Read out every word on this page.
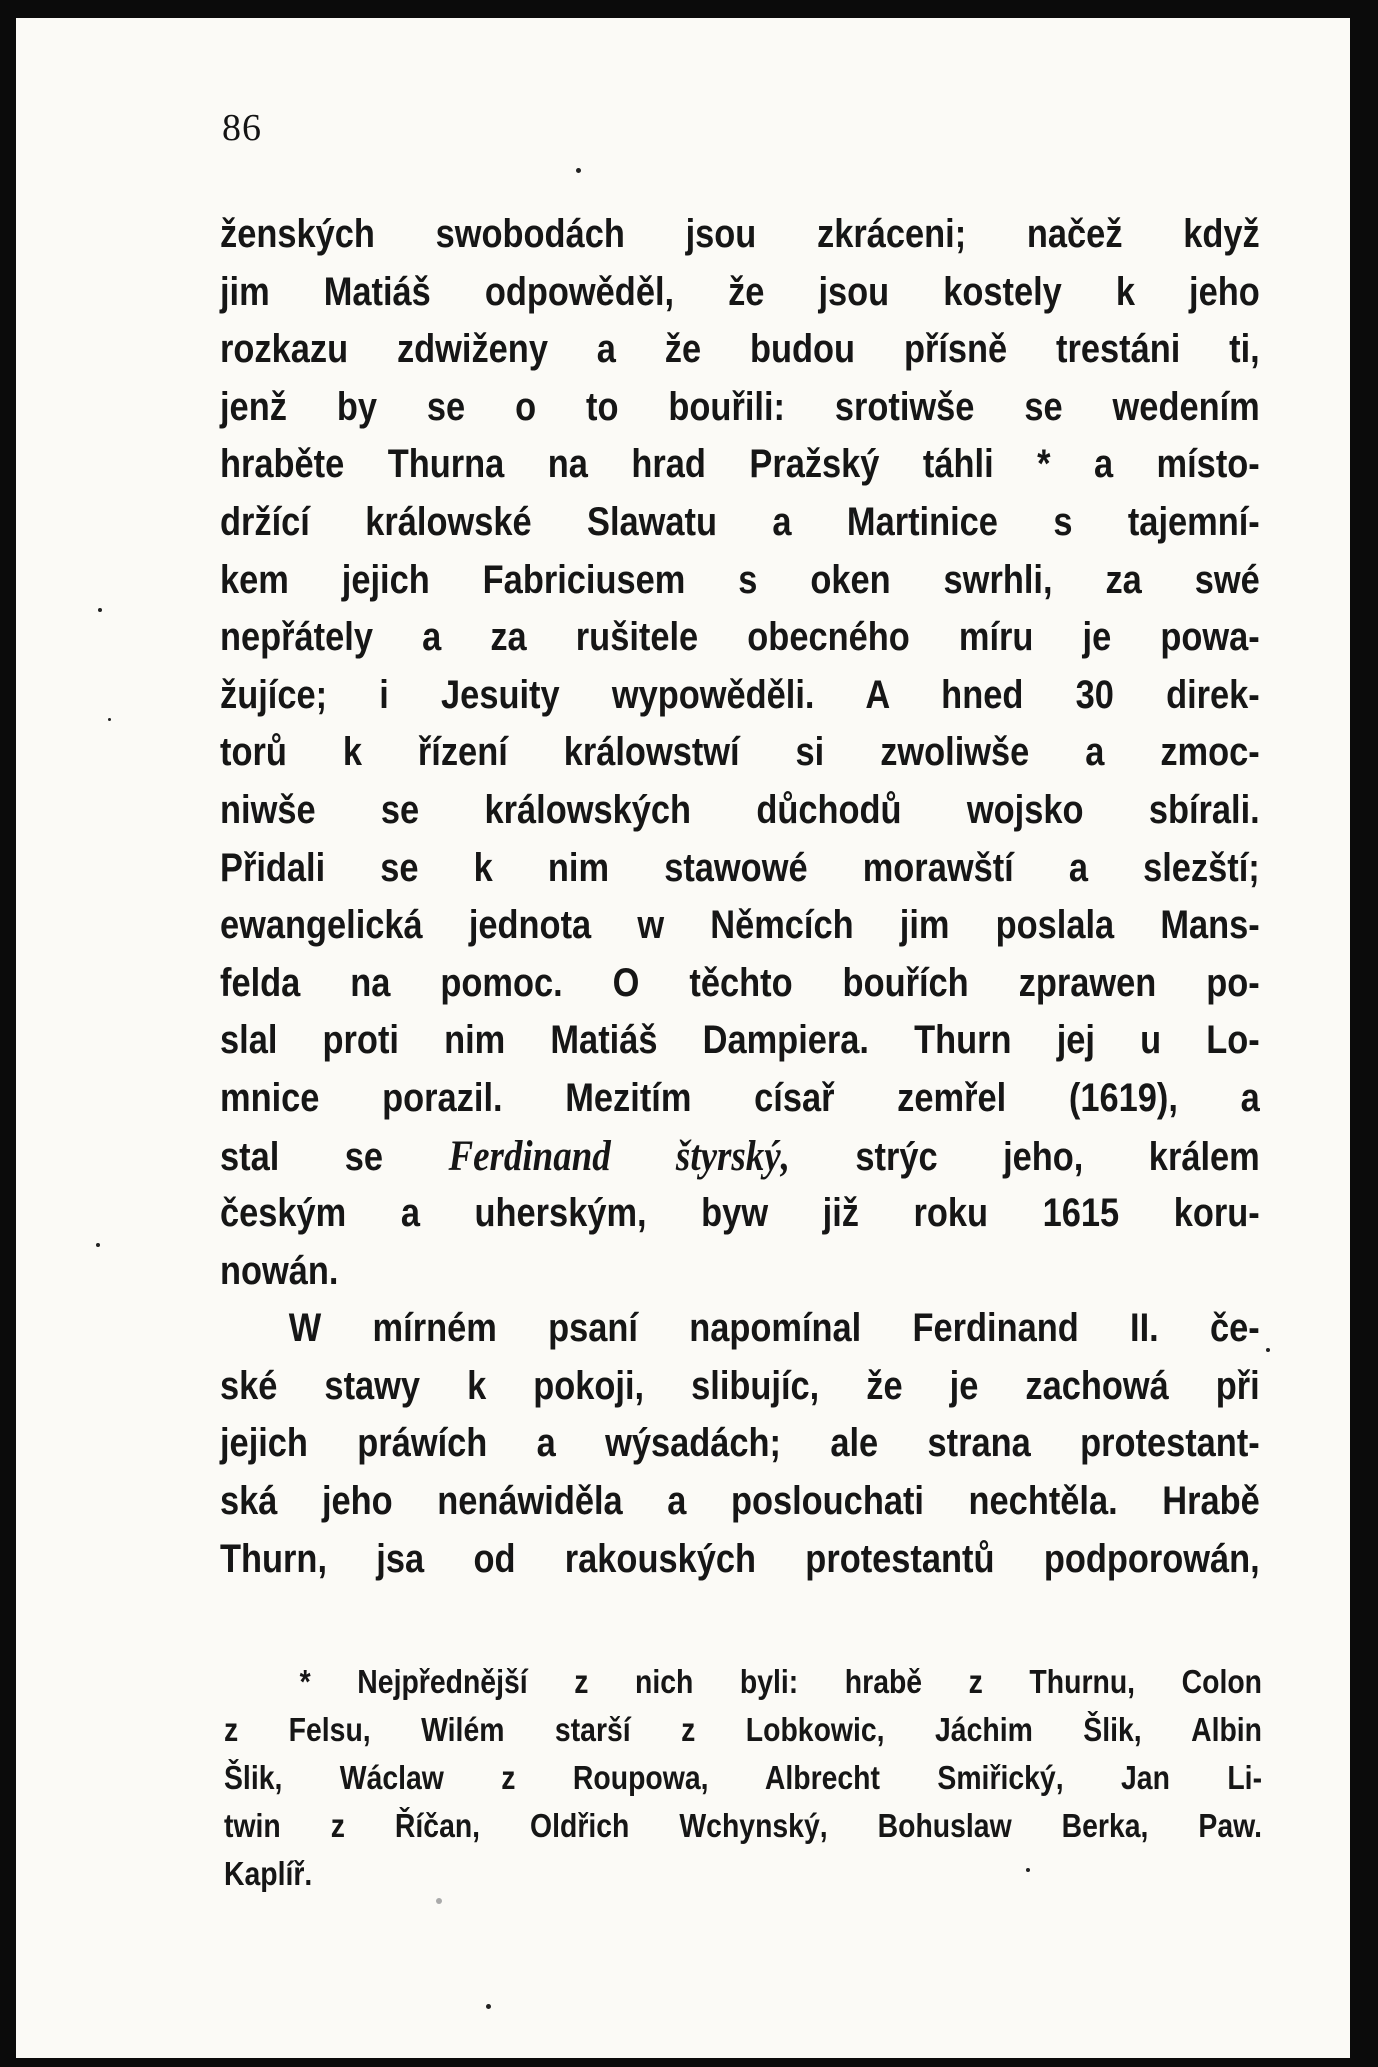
86
ženských swobodách jsou zkráceni; načež když
jim Matiáš odpowěděl, že jsou kostely k jeho
rozkazu zdwiženy a že budou přísně trestáni ti,
jenž by se o to bouřili: srotiwše se wedením
hraběte Thurna na hrad Pražský táhli * a místo-
držící králowské Slawatu a Martinice s tajemní-
kem jejich Fabriciusem s oken swrhli, za swé
nepřátely a za rušitele obecného míru je powa-
žujíce; i Jesuity wypowěděli. A hned 30 direk-
torů k řízení králowstwí si zwoliwše a zmoc-
niwše se králowských důchodů wojsko sbírali.
Přidali se k nim stawowé morawští a slezští;
ewangelická jednota w Němcích jim poslala Mans-
felda na pomoc. O těchto bouřích zprawen po-
slal proti nim Matiáš Dampiera. Thurn jej u Lo-
mnice porazil. Mezitím císař zemřel (1619), a
stal se Ferdinand štyrský, strýc jeho, králem
českým a uherským, byw již roku 1615 koru-
nowán.
W mírném psaní napomínal Ferdinand II. če-
ské stawy k pokoji, slibujíc, že je zachowá při
jejich práwích a wýsadách; ale strana protestant-
ská jeho nenáwiděla a poslouchati nechtěla. Hrabě
Thurn, jsa od rakouských protestantů podporowán,
* Nejpřednější z nich byli: hrabě z Thurnu, Colon
z Felsu, Wilém starší z Lobkowic, Jáchim Šlik, Albin
Šlik, Wáclaw z Roupowa, Albrecht Smiřický, Jan Li-
twin z Říčan, Oldřich Wchynský, Bohuslaw Berka, Paw.
Kaplíř.
